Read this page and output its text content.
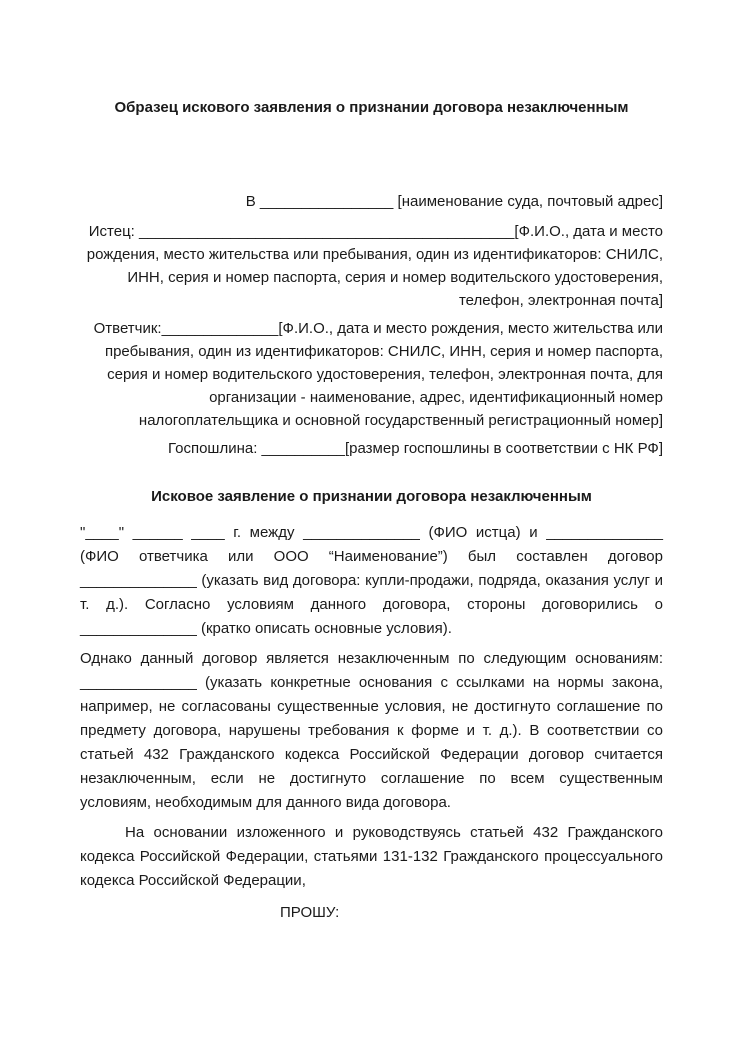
Образец искового заявления о признании договора незаключенным
В ________________ [наименование суда, почтовый адрес]
Истец: _____________________________________________[Ф.И.О., дата и место рождения, место жительства или пребывания, один из идентификаторов: СНИЛС, ИНН, серия и номер паспорта, серия и номер водительского удостоверения, телефон, электронная почта]
Ответчик:______________[Ф.И.О., дата и место рождения, место жительства или пребывания, один из идентификаторов: СНИЛС, ИНН, серия и номер паспорта, серия и номер водительского удостоверения, телефон, электронная почта, для организации - наименование, адрес, идентификационный номер налогоплательщика и основной государственный регистрационный номер]
Госпошлина: __________[размер госпошлины в соответствии с НК РФ]
Исковое заявление о признании договора незаключенным
"____" ______ ____ г. между ______________ (ФИО истца) и ______________ (ФИО ответчика или ООО “Наименование”) был составлен договор ______________ (указать вид договора: купли-продажи, подряда, оказания услуг и т. д.). Согласно условиям данного договора, стороны договорились о ______________ (кратко описать основные условия).
Однако данный договор является незаключенным по следующим основаниям: ______________ (указать конкретные основания с ссылками на нормы закона, например, не согласованы существенные условия, не достигнуто соглашение по предмету договора, нарушены требования к форме и т. д.). В соответствии со статьей 432 Гражданского кодекса Российской Федерации договор считается незаключенным, если не достигнуто соглашение по всем существенным условиям, необходимым для данного вида договора.
На основании изложенного и руководствуясь статьей 432 Гражданского кодекса Российской Федерации, статьями 131-132 Гражданского процессуального кодекса Российской Федерации,
ПРОШУ:
